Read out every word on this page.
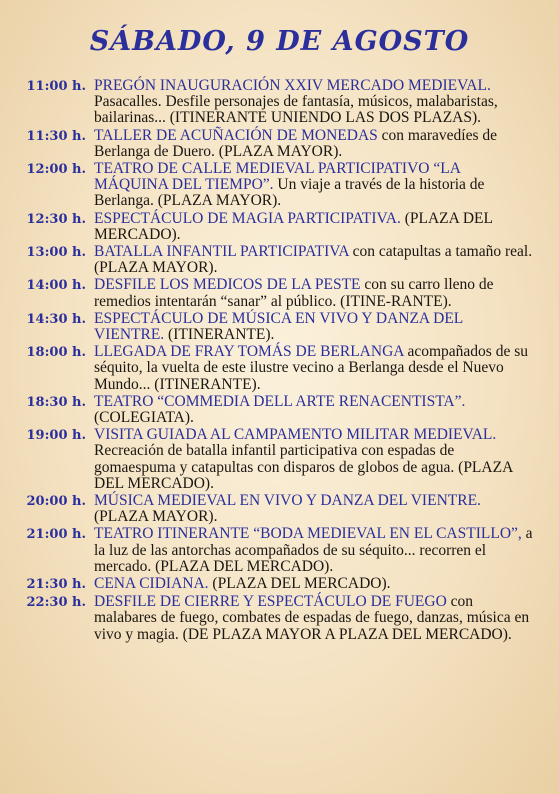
SÁBADO, 9 DE AGOSTO
11:00 h. PREGÓN INAUGURACIÓN XXIV MERCADO MEDIEVAL. Pasacalles. Desfile personajes de fantasía, músicos, malabaristas, bailarinas... (ITINERANTE UNIENDO LAS DOS PLAZAS).
11:30 h. TALLER DE ACUÑACIÓN DE MONEDAS con maravedíes de Berlanga de Duero. (PLAZA MAYOR).
12:00 h. TEATRO DE CALLE MEDIEVAL PARTICIPATIVO “LA MÁQUINA DEL TIEMPO”. Un viaje a través de la historia de Berlanga. (PLAZA MAYOR).
12:30 h. ESPECTÁCULO DE MAGIA PARTICIPATIVA. (PLAZA DEL MERCADO).
13:00 h. BATALLA INFANTIL PARTICIPATIVA con catapultas a tamaño real. (PLAZA MAYOR).
14:00 h. DESFILE LOS MEDICOS DE LA PESTE con su carro lleno de remedios intentarán “sanar” al público. (ITINE-RANTE).
14:30 h. ESPECTÁCULO DE MÚSICA EN VIVO Y DANZA DEL VIENTRE. (ITINERANTE).
18:00 h. LLEGADA DE FRAY TOMÁS DE BERLANGA acompañados de su séquito, la vuelta de este ilustre vecino a Berlanga desde el Nuevo Mundo... (ITINERANTE).
18:30 h. TEATRO “COMMEDIA DELL ARTE RENACENTISTA”. (COLEGIATA).
19:00 h. VISITA GUIADA AL CAMPAMENTO MILITAR MEDIEVAL. Recreación de batalla infantil participativa con espadas de gomaespuma y catapultas con disparos de globos de agua. (PLAZA DEL MERCADO).
20:00 h. MÚSICA MEDIEVAL EN VIVO Y DANZA DEL VIENTRE. (PLAZA MAYOR).
21:00 h. TEATRO ITINERANTE “BODA MEDIEVAL EN EL CASTILLO”, a la luz de las antorchas acompañados de su séquito... recorren el mercado. (PLAZA DEL MERCADO).
21:30 h. CENA CIDIANA. (PLAZA DEL MERCADO).
22:30 h. DESFILE DE CIERRE Y ESPECTÁCULO DE FUEGO con malabares de fuego, combates de espadas de fuego, danzas, música en vivo y magia. (DE PLAZA MAYOR A PLAZA DEL MERCADO).
